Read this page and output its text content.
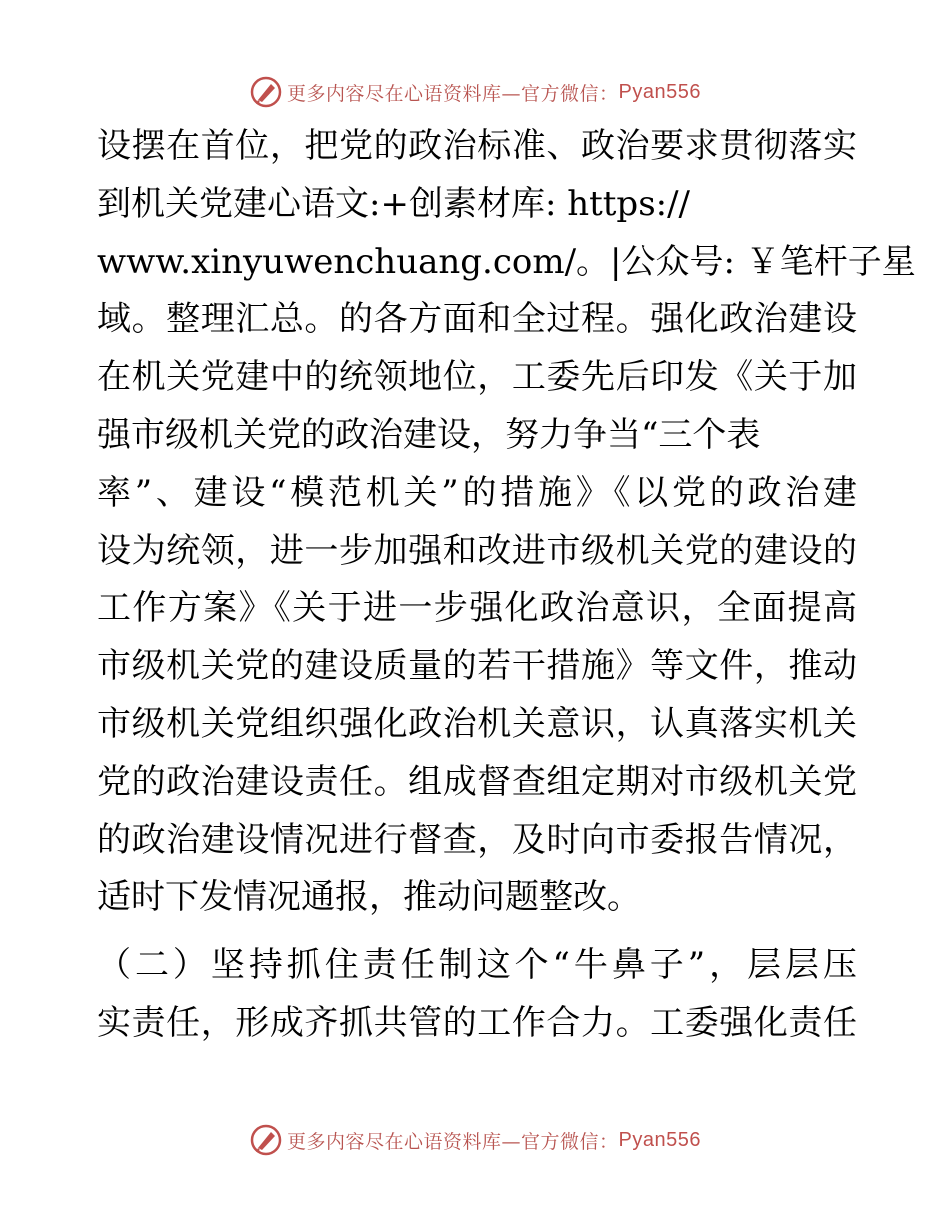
更多内容尽在心语资料库—官方微信： Pyan556
设摆在首位，把党的政治标准、政治要求贯彻落实
到机关党建心语文:+创素材库: https://
www.xinyuwenchuang.com/。|公众号: ￥笔杆子星
域。整理汇总。的各方面和全过程。强化政治建设
在机关党建中的统领地位，工委先后印发《关于加
强市级机关党的政治建设，努力争当“三个表
率”、建设“模范机关”的措施》《以党的政治建
设为统领，进一步加强和改进市级机关党的建设的
工作方案》《关于进一步强化政治意识，全面提高
市级机关党的建设质量的若干措施》等文件，推动
市级机关党组织强化政治机关意识，认真落实机关
党的政治建设责任。组成督查组定期对市级机关党
的政治建设情况进行督查，及时向市委报告情况，
适时下发情况通报，推动问题整改。
（二）坚持抓住责任制这个“牛鼻子”，层层压
实责任，形成齐抓共管的工作合力。工委强化责任
更多内容尽在心语资料库—官方微信： Pyan556
